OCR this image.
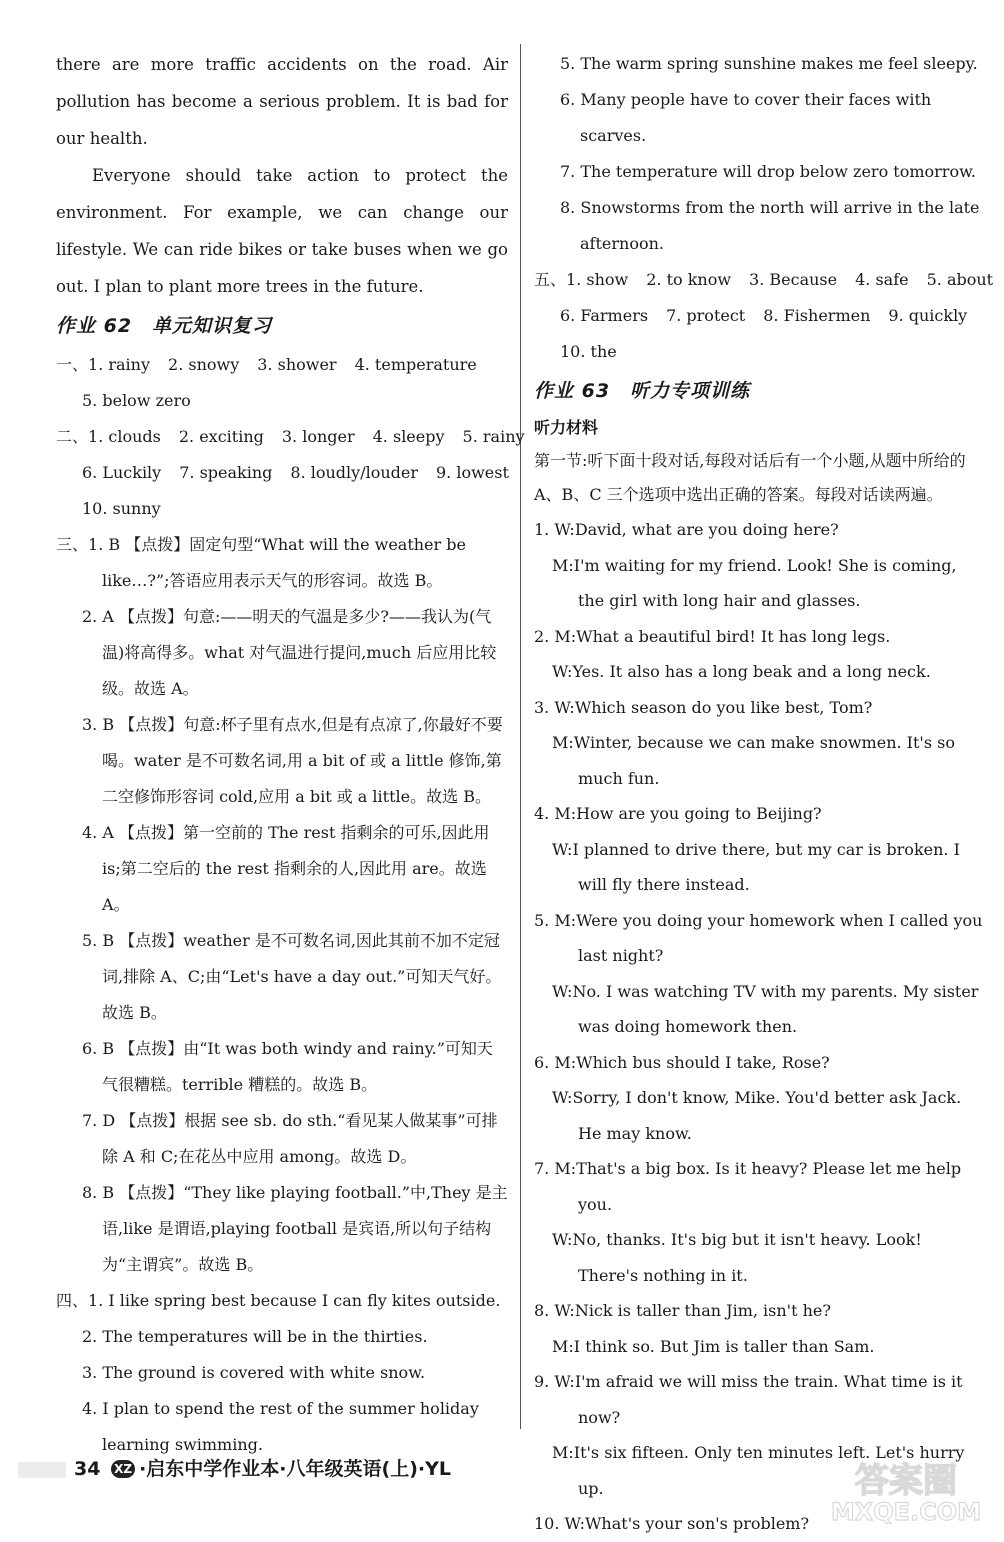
there are more traffic accidents on the road. Air pollution has become a serious problem. It is bad for our health.

Everyone should take action to protect the environment. For example, we can change our lifestyle. We can ride bikes or take buses when we go out. I plan to plant more trees in the future.

作业 62　单元知识复习
一、1. rainy 2. snowy 3. shower 4. temperature
5. below zero
二、1. clouds 2. exciting 3. longer 4. sleepy 5. rainy
6. Luckily 7. speaking 8. loudly/louder 9. lowest
10. sunny
三、1. B 【点拨】固定句型“What will the weather be like…?”;答语应用表示天气的形容词。故选 B。
2. A 【点拨】句意:——明天的气温是多少?——我认为(气温)将高得多。what 对气温进行提问,much 后应用比较级。故选 A。
3. B 【点拨】句意:杯子里有点水,但是有点凉了,你最好不要喝。water 是不可数名词,用 a bit of 或 a little 修饰,第二空修饰形容词 cold,应用 a bit 或 a little。故选 B。
4. A 【点拨】第一空前的 The rest 指剩余的可乐,因此用 is;第二空后的 the rest 指剩余的人,因此用 are。故选 A。
5. B 【点拨】weather 是不可数名词,因此其前不加不定冠词,排除 A、C;由“Let's have a day out.”可知天气好。故选 B。
6. B 【点拨】由“It was both windy and rainy.”可知天气很糟糕。terrible 糟糕的。故选 B。
7. D 【点拨】根据 see sb. do sth.“看见某人做某事”可排除 A 和 C;在花丛中应用 among。故选 D。
8. B 【点拨】“They like playing football.”中,They 是主语,like 是谓语,playing football 是宾语,所以句子结构为“主谓宾”。故选 B。
四、1. I like spring best because I can fly kites outside.
2. The temperatures will be in the thirties.
3. The ground is covered with white snow.
4. I plan to spend the rest of the summer holiday learning swimming.
5. The warm spring sunshine makes me feel sleepy.
6. Many people have to cover their faces with scarves.
7. The temperature will drop below zero tomorrow.
8. Snowstorms from the north will arrive in the late afternoon.
五、1. show 2. to know 3. Because 4. safe 5. about
6. Farmers 7. protect 8. Fishermen 9. quickly
10. the
作业 63　听力专项训练
听力材料
第一节:听下面十段对话,每段对话后有一个小题,从题中所给的 A、B、C 三个选项中选出正确的答案。每段对话读两遍。
1. W:David, what are you doing here?
M:I'm waiting for my friend. Look! She is coming, the girl with long hair and glasses.
2. M:What a beautiful bird! It has long legs.
W:Yes. It also has a long beak and a long neck.
3. W:Which season do you like best, Tom?
M:Winter, because we can make snowmen. It's so much fun.
4. M:How are you going to Beijing?
W:I planned to drive there, but my car is broken. I will fly there instead.
5. M:Were you doing your homework when I called you last night?
W:No. I was watching TV with my parents. My sister was doing homework then.
6. M:Which bus should I take, Rose?
W:Sorry, I don't know, Mike. You'd better ask Jack. He may know.
7. M:That's a big box. Is it heavy? Please let me help you.
W:No, thanks. It's big but it isn't heavy. Look! There's nothing in it.
8. W:Nick is taller than Jim, isn't he?
M:I think so. But Jim is taller than Sam.
9. W:I'm afraid we will miss the train. What time is it now?
M:It's six fifteen. Only ten minutes left. Let's hurry up.
10. W:What's your son's problem?
34 XZ ·启东中学作业本·八年级英语(上)·YL	答案圈
MXQE.COM
